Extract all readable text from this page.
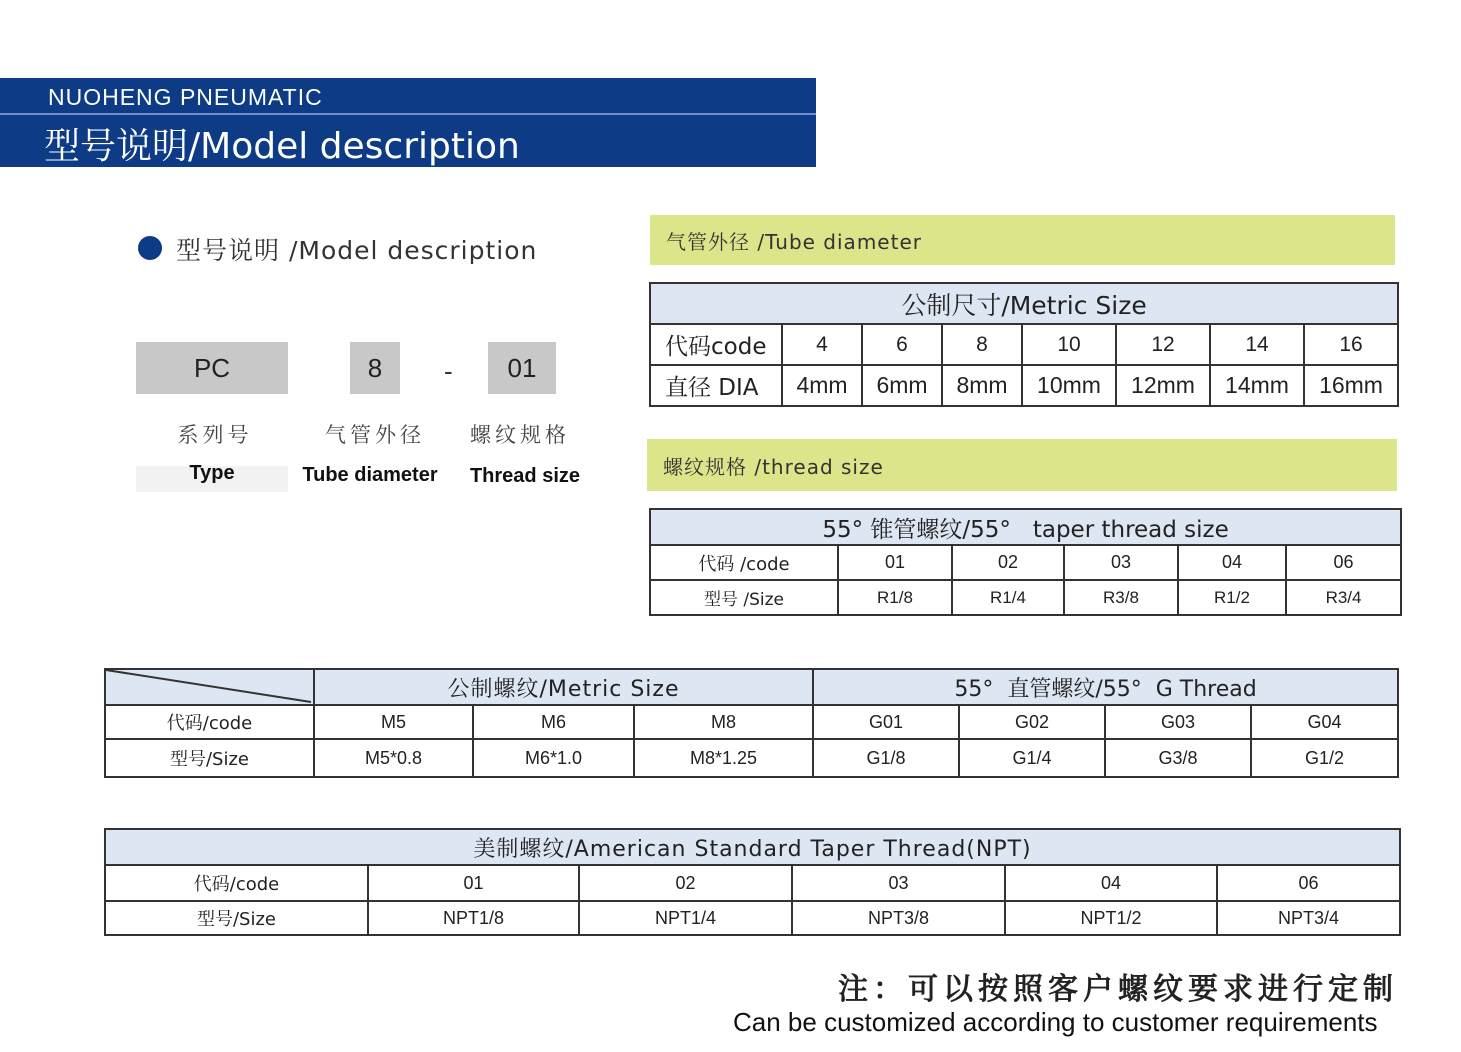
NUOHENG PNEUMATIC
型号说明/Model description
型号说明 /Model description
PC	8	-	01
系列号	气管外径	螺纹规格
Type	Tube diameter	Thread size
气管外径 /Tube diameter
公制尺寸/Metric Size							
代码code	4	6	8	10	12	14	16
直径 DIA	4mm	6mm	8mm	10mm	12mm	14mm	16mm
螺纹规格 /thread size
55° 锥管螺纹/55°   taper thread size					
代码 /code	01	02	03	04	06
型号 /Size	R1/8	R1/4	R3/8	R1/2	R3/4
	公制螺纹/Metric Size			55°  直管螺纹/55°  G Thread			
代码/code	M5	M6	M8	G01	G02	G03	G04
型号/Size	M5*0.8	M6*1.0	M8*1.25	G1/8	G1/4	G3/8	G1/2
美制螺纹/American Standard Taper Thread(NPT)					
代码/code	01	02	03	04	06
型号/Size	NPT1/8	NPT1/4	NPT3/8	NPT1/2	NPT3/4
注：可以按照客户螺纹要求进行定制
Can be customized according to customer requirements
